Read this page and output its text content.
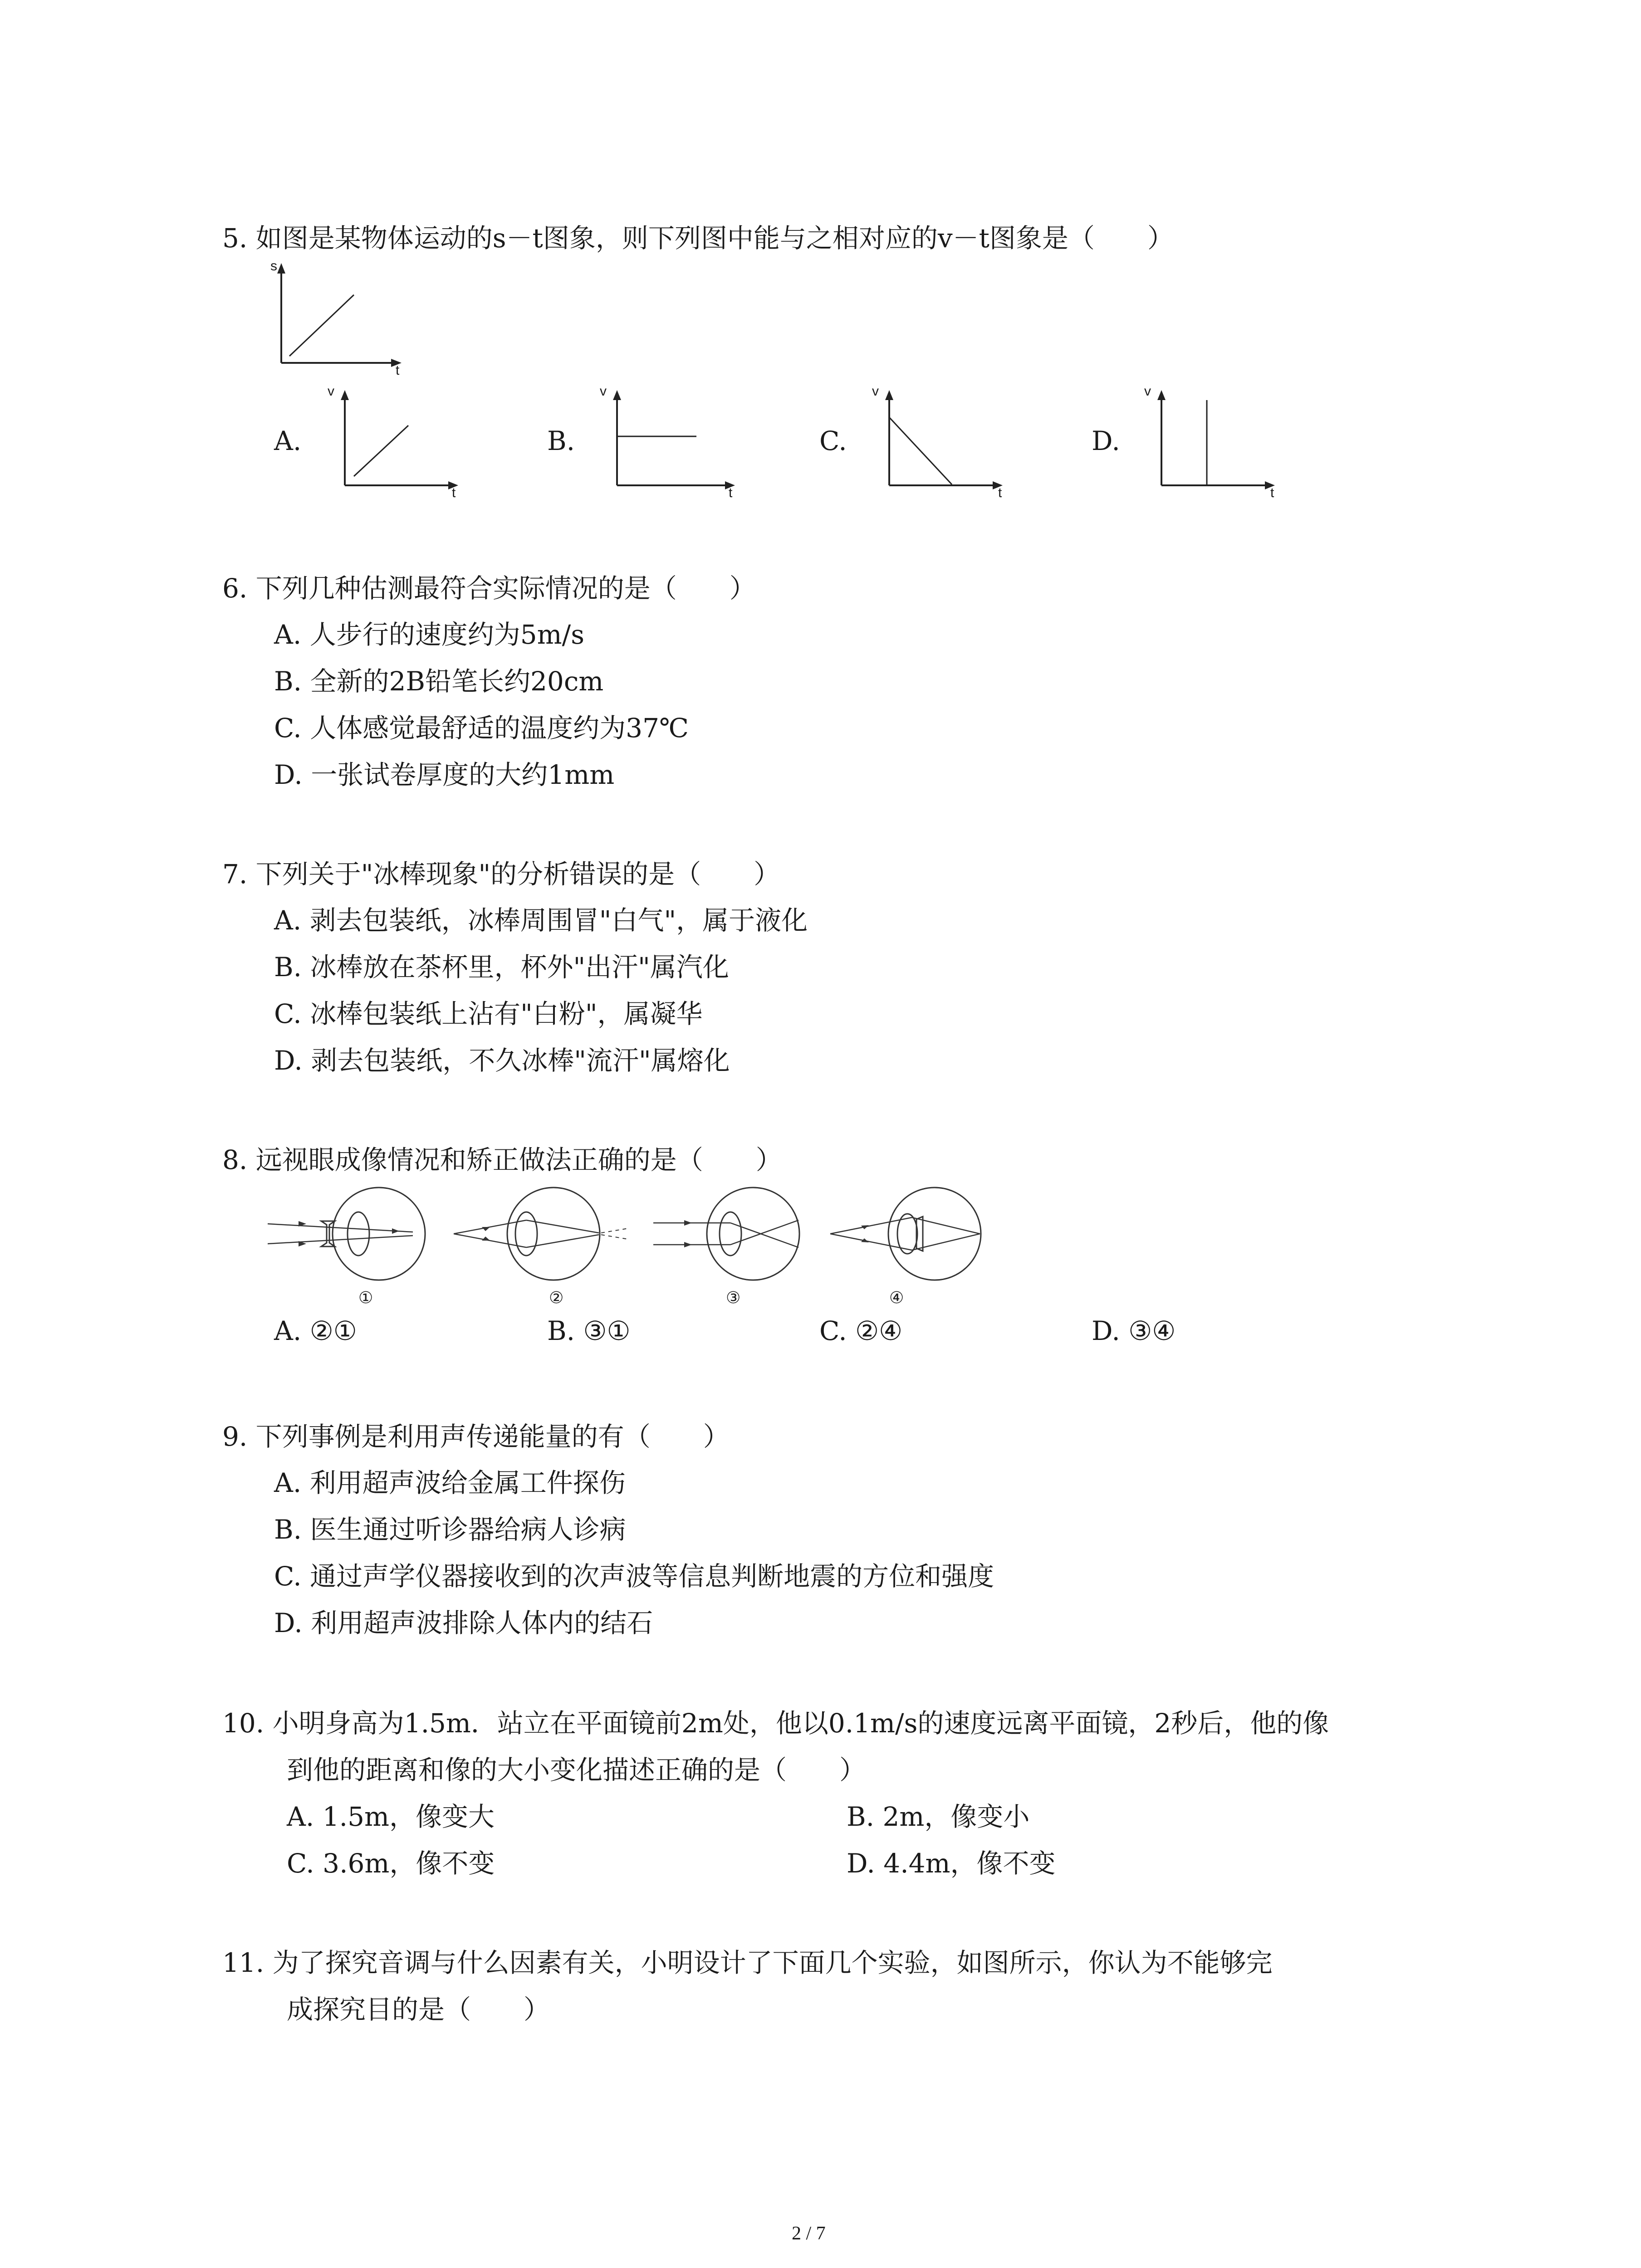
5. 如图是某物体运动的s－t图象，则下列图中能与之相对应的v－t图象是（　　）
s
t
A.	B.	C.	D.
v
t
v
t
v
t
v
t
6. 下列几种估测最符合实际情况的是（　　）
A. 人步行的速度约为5m/s
B. 全新的2B铅笔长约20cm
C. 人体感觉最舒适的温度约为37℃
D. 一张试卷厚度的大约1mm
7. 下列关于"冰棒现象"的分析错误的是（　　）
A. 剥去包装纸，冰棒周围冒"白气"，属于液化
B. 冰棒放在茶杯里，杯外"出汗"属汽化
C. 冰棒包装纸上沾有"白粉"，属凝华
D. 剥去包装纸，不久冰棒"流汗"属熔化
8. 远视眼成像情况和矫正做法正确的是（　　）
①	②	③	④
A. ②①	B. ③①	C. ②④	D. ③④
9. 下列事例是利用声传递能量的有（　　）
A. 利用超声波给金属工件探伤
B. 医生通过听诊器给病人诊病
C. 通过声学仪器接收到的次声波等信息判断地震的方位和强度
D. 利用超声波排除人体内的结石
10. 小明身高为1.5m．站立在平面镜前2m处，他以0.1m/s的速度远离平面镜，2秒后，他的像
到他的距离和像的大小变化描述正确的是（　　）
A. 1.5m，像变大	B. 2m，像变小
C. 3.6m，像不变	D. 4.4m，像不变
11. 为了探究音调与什么因素有关，小明设计了下面几个实验，如图所示，你认为不能够完
成探究目的是（　　）
2 / 7
